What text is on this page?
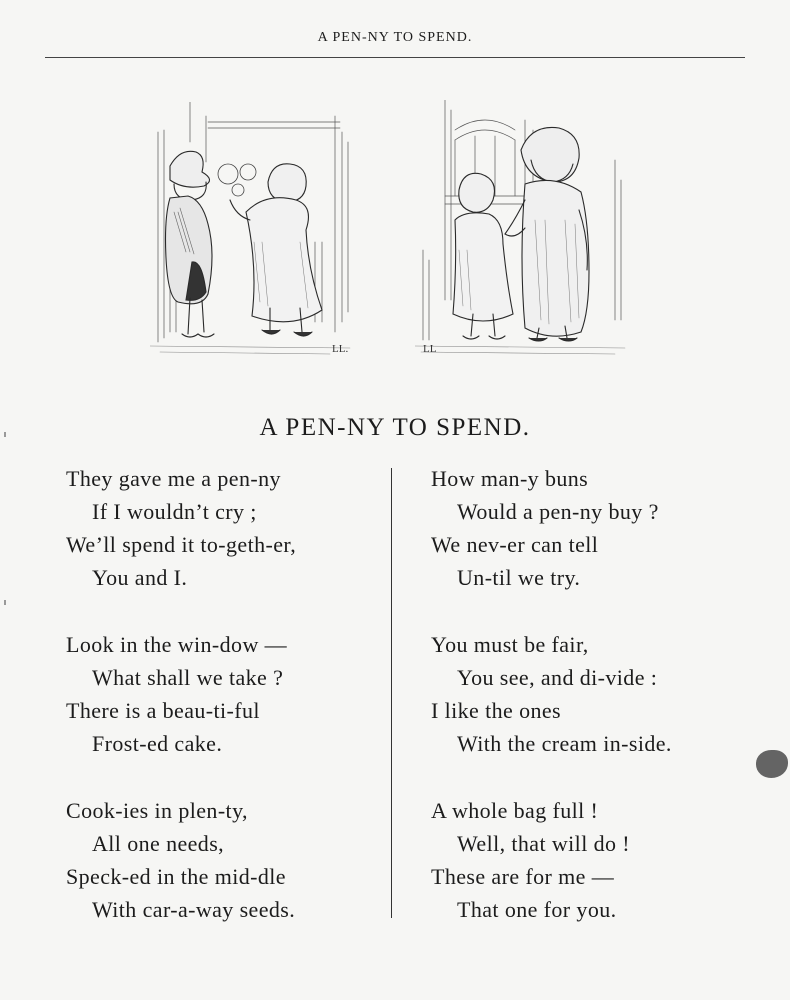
A PEN-NY TO SPEND.
LL.	LL
A PEN-NY TO SPEND.
They gave me a pen-ny
If I wouldn’t cry ;
We’ll spend it to-geth-er,
You and I.
Look in the win-dow —
What shall we take ?
There is a beau-ti-ful
Frost-ed cake.
Cook-ies in plen-ty,
All one needs,
Speck-ed in the mid-dle
With car-a-way seeds.
How man-y buns
Would a pen-ny buy ?
We nev-er can tell
Un-til we try.
You must be fair,
You see, and di-vide :
I like the ones
With the cream in-side.
A whole bag full !
Well, that will do !
These are for me —
That one for you.
